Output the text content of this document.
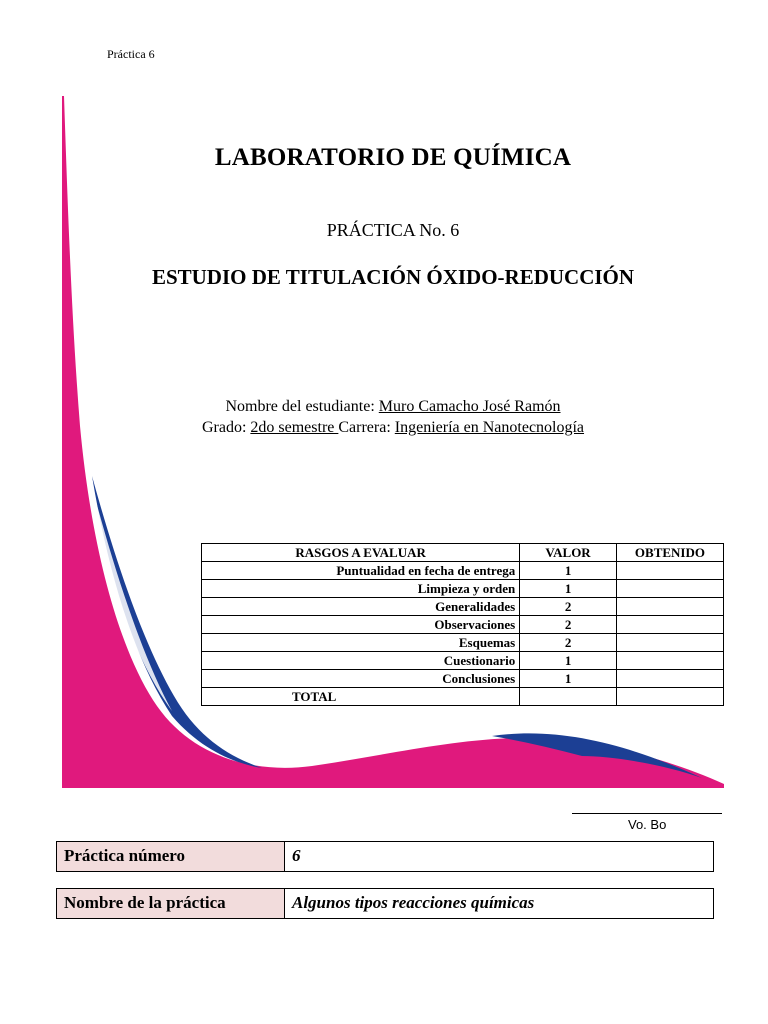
Práctica 6
LABORATORIO DE QUÍMICA
PRÁCTICA No. 6
ESTUDIO DE TITULACIÓN ÓXIDO-REDUCCIÓN
Nombre del estudiante: Muro Camacho José Ramón
Grado: 2do semestre Carrera: Ingeniería en Nanotecnología
RASGOS A EVALUAR	VALOR	OBTENIDO
Puntualidad en fecha de entrega	1	
Limpieza y orden	1	
Generalidades	2	
Observaciones	2	
Esquemas	2	
Cuestionario	1	
Conclusiones	1	
TOTAL		
Vo. Bo
Práctica número	6
Nombre de la práctica	Algunos tipos reacciones químicas
